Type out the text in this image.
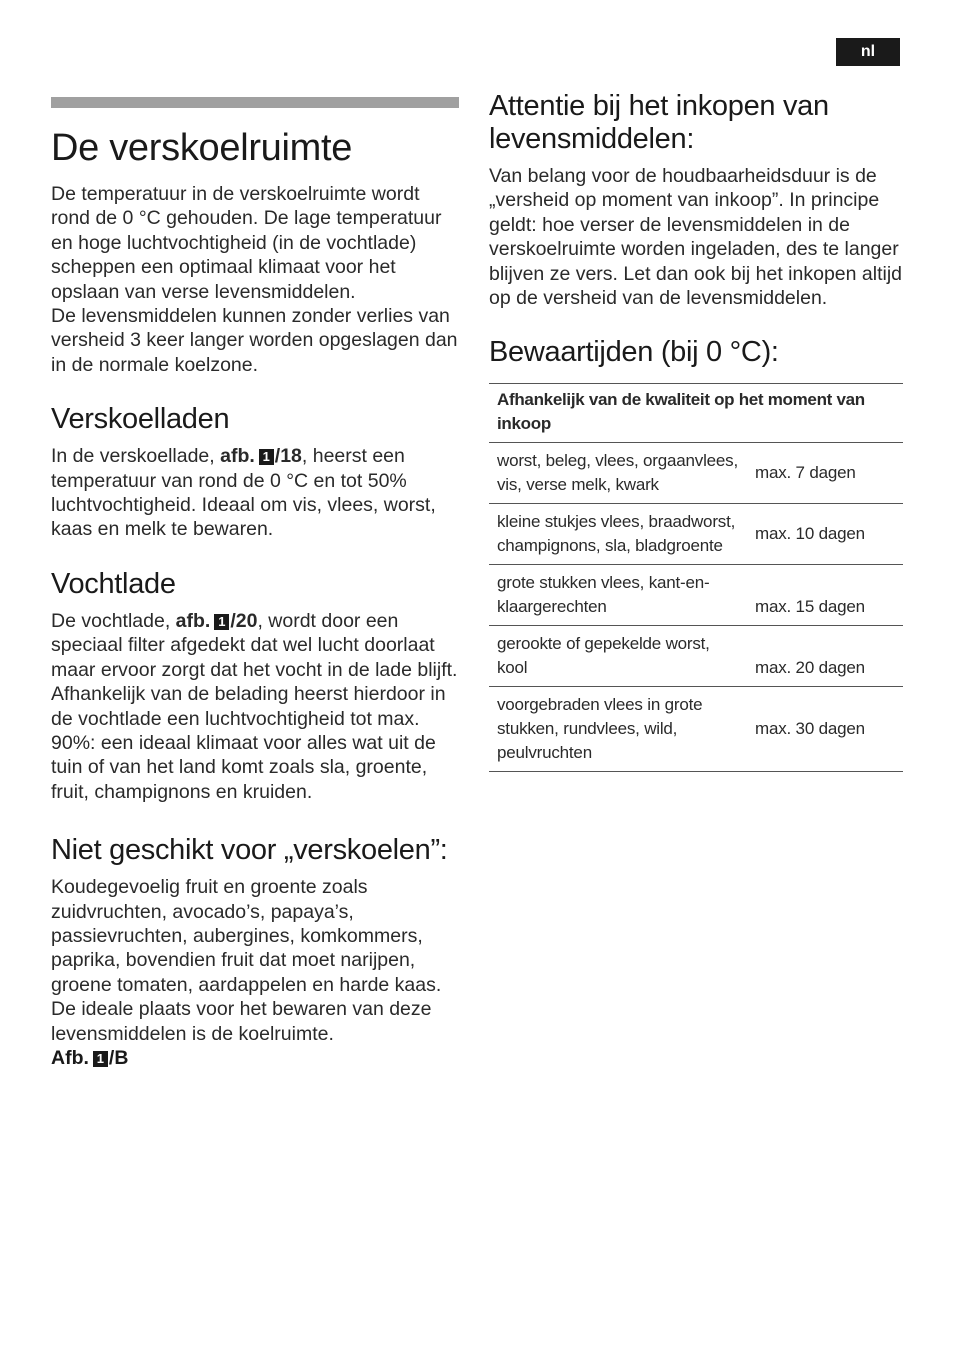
nl
De verskoelruimte

De temperatuur in de verskoelruimte wordt rond de 0 °C gehouden. De lage temperatuur en hoge luchtvochtigheid (in de vochtlade) scheppen een optimaal klimaat voor het opslaan van verse levensmiddelen.

De levensmiddelen kunnen zonder verlies van versheid 3 keer langer worden opgeslagen dan in de normale koelzone.

Verskoelladen

In de verskoellade, afb. 1 /18, heerst een temperatuur van rond de 0 °C en tot 50% luchtvochtigheid. Ideaal om vis, vlees, worst, kaas en melk te bewaren.

Vochtlade

De vochtlade, afb. 1 /20, wordt door een speciaal filter afgedekt dat wel lucht doorlaat maar ervoor zorgt dat het vocht in de lade blijft. Afhankelijk van de belading heerst hierdoor in de vochtlade een luchtvochtigheid tot max. 90%: een ideaal klimaat voor alles wat uit de tuin of van het land komt zoals sla, groente, fruit, champignons en kruiden.

Niet geschikt voor „verskoelen”:

Koudegevoelig fruit en groente zoals zuidvruchten, avocado’s, papaya’s, passievruchten, aubergines, komkommers, paprika, bovendien fruit dat moet narijpen, groene tomaten, aardappelen en harde kaas. De ideale plaats voor het bewaren van deze levensmiddelen is de koelruimte.

Afb. 1 /B
Attentie bij het inkopen van levensmiddelen:

Van belang voor de houdbaarheidsduur is de „versheid op moment van inkoop”. In principe geldt: hoe verser de levensmiddelen in de verskoelruimte worden ingeladen, des te langer blijven ze vers. Let dan ook bij het inkopen altijd op de versheid van de levensmiddelen.

Bewaartijden (bij 0 °C):
Afhankelijk van de kwaliteit op het moment van inkoop	
worst, beleg, vlees, orgaanvlees, vis, verse melk, kwark	max. 7 dagen
kleine stukjes vlees, braadworst, champignons, sla, bladgroente	max. 10 dagen
grote stukken vlees, kant-en-klaargerechten	max. 15 dagen
gerookte of gepekelde worst, kool	max. 20 dagen
voorgebraden vlees in grote stukken, rundvlees, wild, peulvruchten	max. 30 dagen
